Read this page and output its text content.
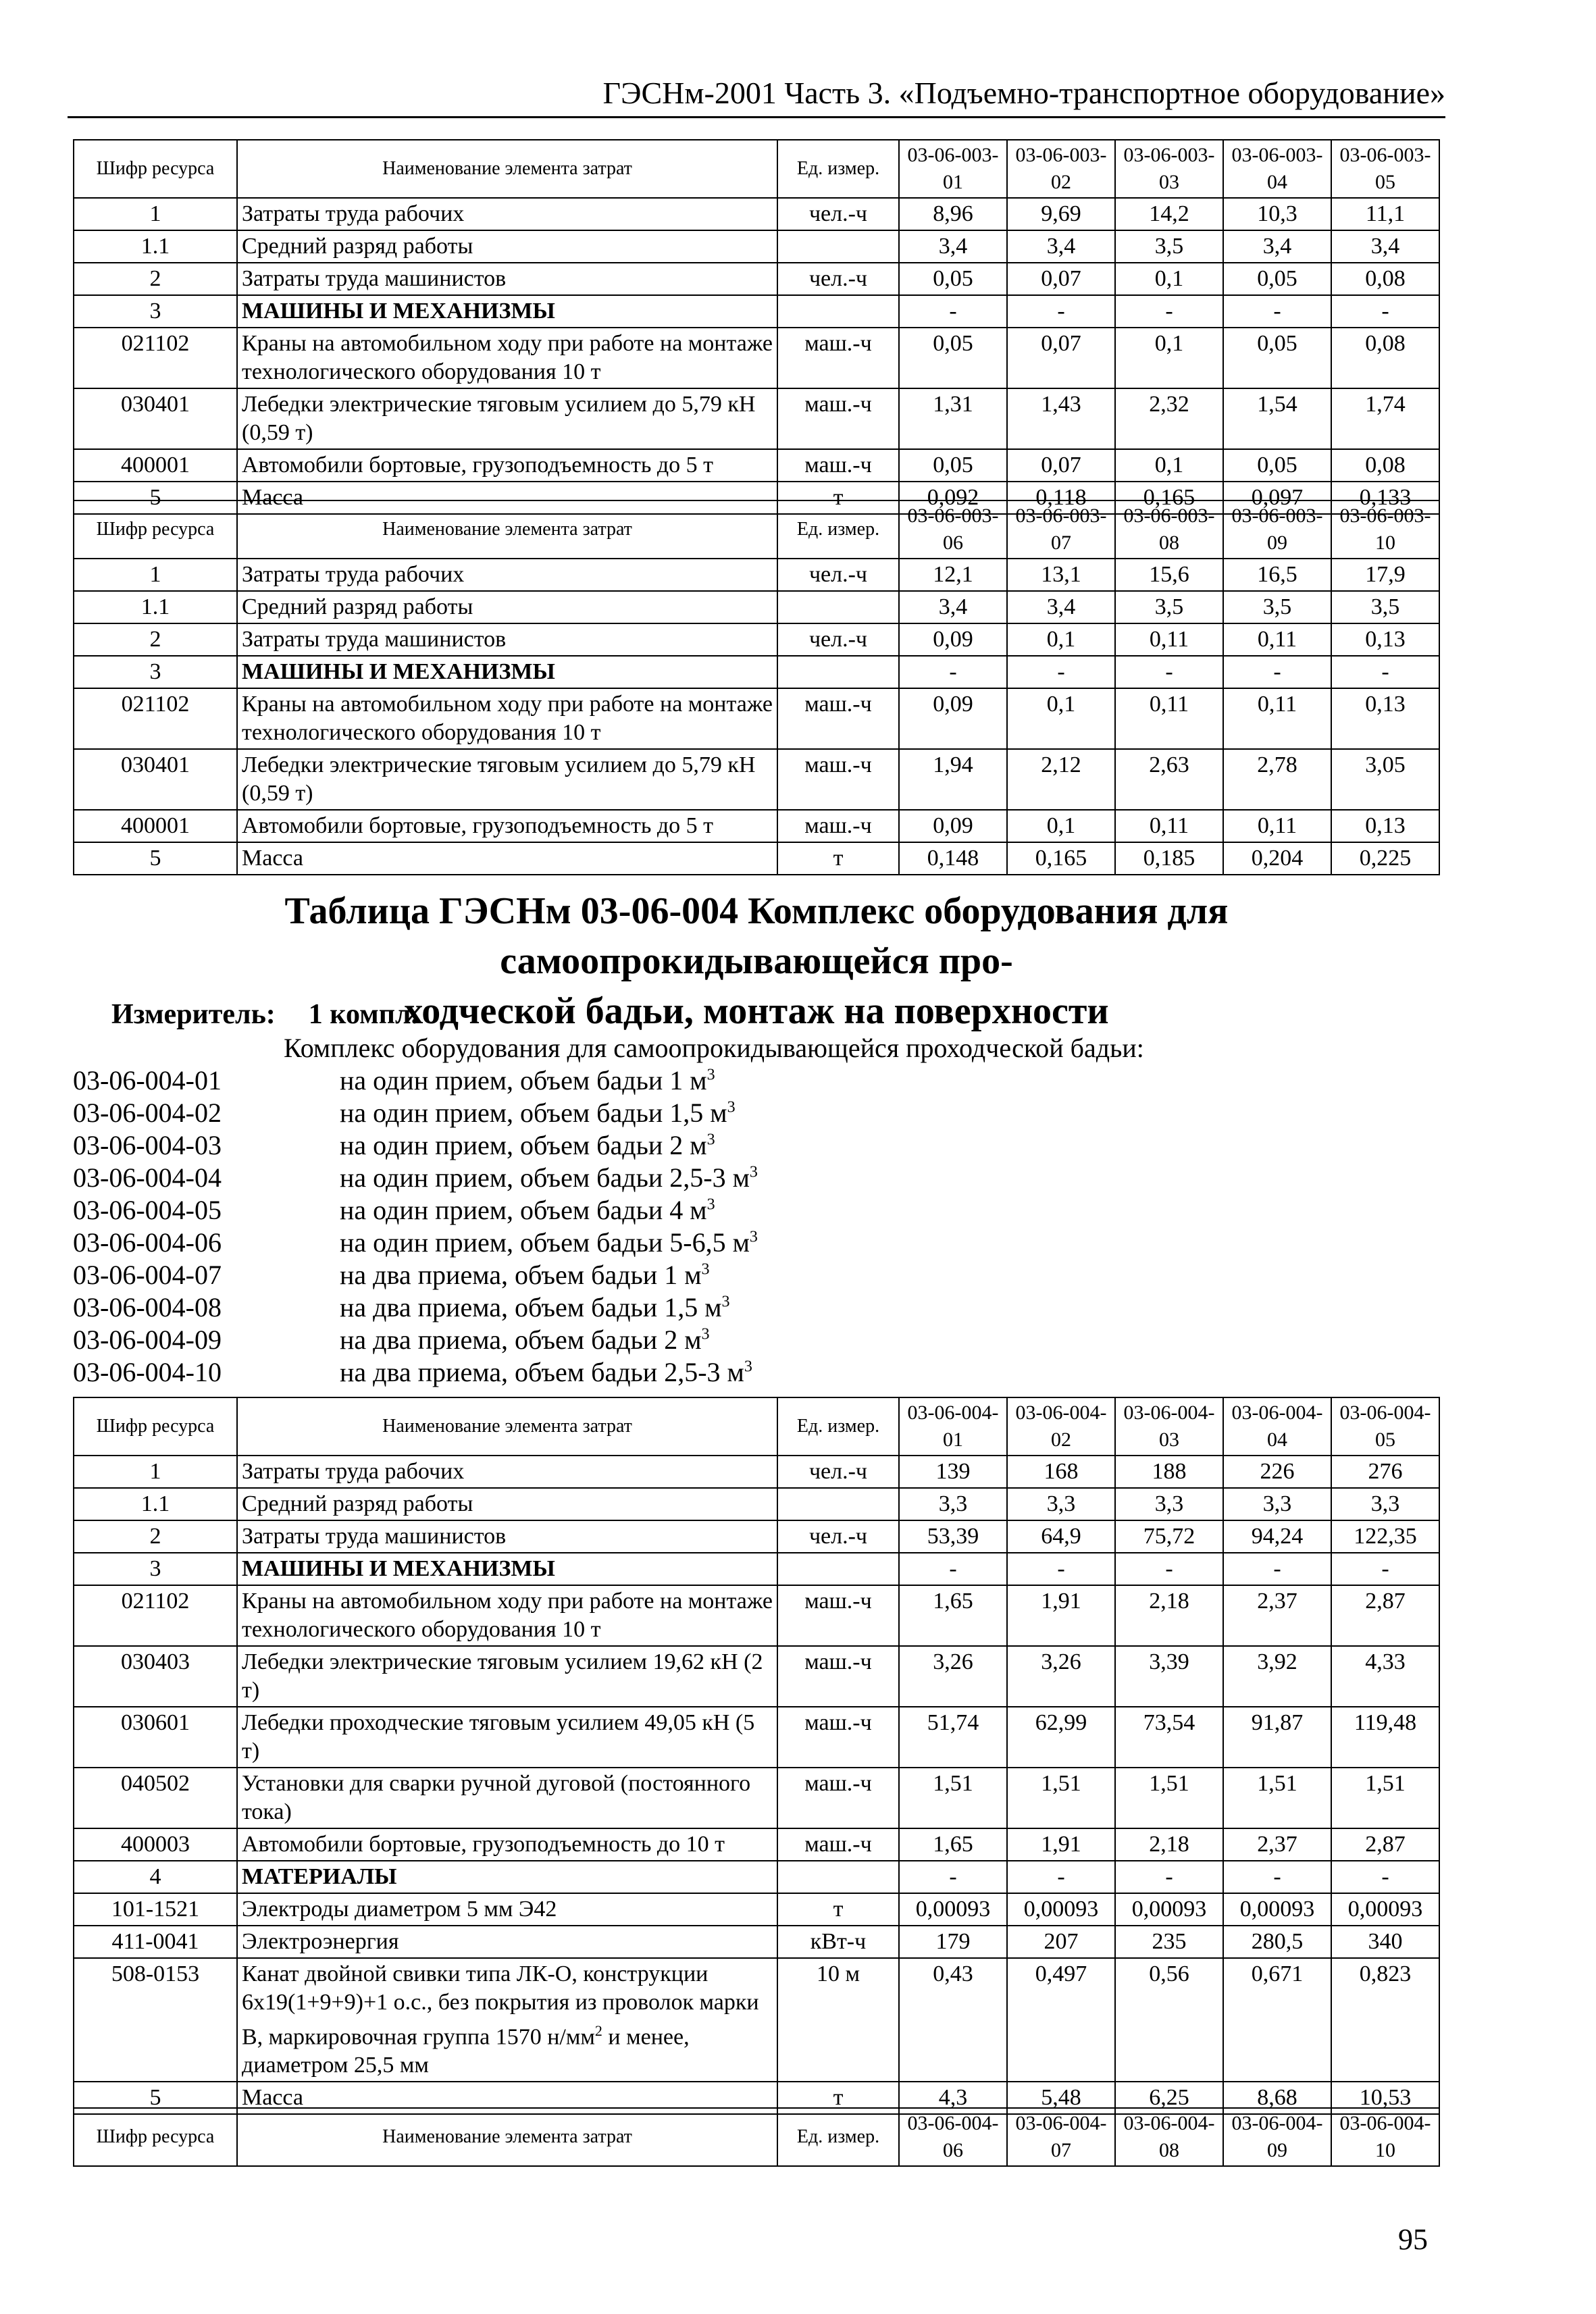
ГЭСНм-2001 Часть 3. «Подъемно-транспортное оборудование»
Шифр ресурса	Наименование элемента затрат	Ед. измер.	03-06-003-01	03-06-003-02	03-06-003-03	03-06-003-04	03-06-003-05
1	Затраты труда рабочих	чел.-ч	8,96	9,69	14,2	10,3	11,1
1.1	Средний разряд работы		3,4	3,4	3,5	3,4	3,4
2	Затраты труда машинистов	чел.-ч	0,05	0,07	0,1	0,05	0,08
3	МАШИНЫ И МЕХАНИЗМЫ		-	-	-	-	-
021102	Краны на автомобильном ходу при работе на монтаже технологического оборудования 10 т	маш.-ч	0,05	0,07	0,1	0,05	0,08
030401	Лебедки электрические тяговым усилием до 5,79 кН (0,59 т)	маш.-ч	1,31	1,43	2,32	1,54	1,74
400001	Автомобили бортовые, грузоподъемность до 5 т	маш.-ч	0,05	0,07	0,1	0,05	0,08
5	Масса	т	0,092	0,118	0,165	0,097	0,133
Шифр ресурса	Наименование элемента затрат	Ед. измер.	03-06-003-06	03-06-003-07	03-06-003-08	03-06-003-09	03-06-003-10
1	Затраты труда рабочих	чел.-ч	12,1	13,1	15,6	16,5	17,9
1.1	Средний разряд работы		3,4	3,4	3,5	3,5	3,5
2	Затраты труда машинистов	чел.-ч	0,09	0,1	0,11	0,11	0,13
3	МАШИНЫ И МЕХАНИЗМЫ		-	-	-	-	-
021102	Краны на автомобильном ходу при работе на монтаже технологического оборудования 10 т	маш.-ч	0,09	0,1	0,11	0,11	0,13
030401	Лебедки электрические тяговым усилием до 5,79 кН (0,59 т)	маш.-ч	1,94	2,12	2,63	2,78	3,05
400001	Автомобили бортовые, грузоподъемность до 5 т	маш.-ч	0,09	0,1	0,11	0,11	0,13
5	Масса	т	0,148	0,165	0,185	0,204	0,225
Таблица ГЭСНм 03-06-004 Комплекс оборудования для самоопрокидывающейся про-
ходческой бадьи, монтаж на поверхности
Измеритель: 1 компл.
Комплекс оборудования для самоопрокидывающейся проходческой бадьи:
03-06-004-01	на один прием, объем бадьи 1 $м^3$
03-06-004-02	на один прием, объем бадьи 1,5 $м^3$
03-06-004-03	на один прием, объем бадьи 2 $м^3$
03-06-004-04	на один прием, объем бадьи 2,5-3 $м^3$
03-06-004-05	на один прием, объем бадьи 4 $м^3$
03-06-004-06	на один прием, объем бадьи 5-6,5 $м^3$
03-06-004-07	на два приема, объем бадьи 1 $м^3$
03-06-004-08	на два приема, объем бадьи 1,5 $м^3$
03-06-004-09	на два приема, объем бадьи 2 $м^3$
03-06-004-10	на два приема, объем бадьи 2,5-3 $м^3$
Шифр ресурса	Наименование элемента затрат	Ед. измер.	03-06-004-01	03-06-004-02	03-06-004-03	03-06-004-04	03-06-004-05
1	Затраты труда рабочих	чел.-ч	139	168	188	226	276
1.1	Средний разряд работы		3,3	3,3	3,3	3,3	3,3
2	Затраты труда машинистов	чел.-ч	53,39	64,9	75,72	94,24	122,35
3	МАШИНЫ И МЕХАНИЗМЫ		-	-	-	-	-
021102	Краны на автомобильном ходу при работе на монтаже технологического оборудования 10 т	маш.-ч	1,65	1,91	2,18	2,37	2,87
030403	Лебедки электрические тяговым усилием 19,62 кН (2 т)	маш.-ч	3,26	3,26	3,39	3,92	4,33
030601	Лебедки проходческие тяговым усилием 49,05 кН (5 т)	маш.-ч	51,74	62,99	73,54	91,87	119,48
040502	Установки для сварки ручной дуговой (постоянного тока)	маш.-ч	1,51	1,51	1,51	1,51	1,51
400003	Автомобили бортовые, грузоподъемность до 10 т	маш.-ч	1,65	1,91	2,18	2,37	2,87
4	МАТЕРИАЛЫ		-	-	-	-	-
101-1521	Электроды диаметром 5 мм Э42	т	0,00093	0,00093	0,00093	0,00093	0,00093
411-0041	Электроэнергия	кВт-ч	179	207	235	280,5	340
508-0153	Канат двойной свивки типа ЛК-О, конструкции 6х19(1+9+9)+1 о.с., без покрытия из проволок марки В, маркировочная группа 1570 $н/мм^2$ и менее, диаметром 25,5 мм	10 м	0,43	0,497	0,56	0,671	0,823
5	Масса	т	4,3	5,48	6,25	8,68	10,53
Шифр ресурса	Наименование элемента затрат	Ед. измер.	03-06-004-06	03-06-004-07	03-06-004-08	03-06-004-09	03-06-004-10
95
